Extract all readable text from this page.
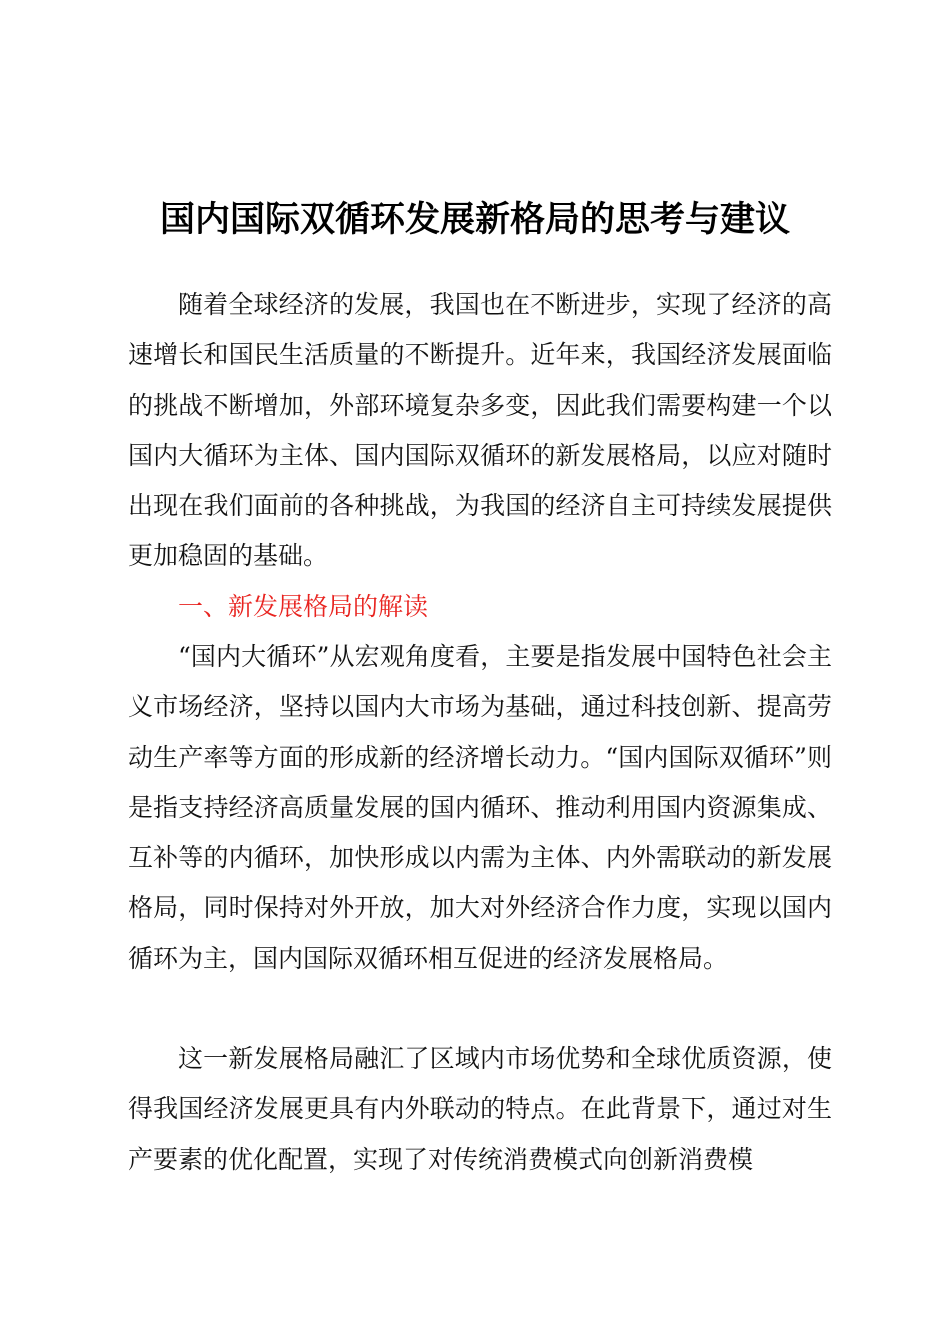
国内国际双循环发展新格局的思考与建议

随着全球经济的发展，我国也在不断进步，实现了经济的高速增长和国民生活质量的不断提升。近年来，我国经济发展面临的挑战不断增加，外部环境复杂多变，因此我们需要构建一个以国内大循环为主体、国内国际双循环的新发展格局，以应对随时出现在我们面前的各种挑战，为我国的经济自主可持续发展提供更加稳固的基础。

一、新发展格局的解读

“国内大循环”从宏观角度看，主要是指发展中国特色社会主义市场经济，坚持以国内大市场为基础，通过科技创新、提高劳动生产率等方面的形成新的经济增长动力。“国内国际双循环”则是指支持经济高质量发展的国内循环、推动利用国内资源集成、互补等的内循环，加快形成以内需为主体、内外需联动的新发展格局，同时保持对外开放，加大对外经济合作力度，实现以国内循环为主，国内国际双循环相互促进的经济发展格局。

这一新发展格局融汇了区域内市场优势和全球优质资源，使得我国经济发展更具有内外联动的特点。在此背景下，通过对生产要素的优化配置，实现了对传统消费模式向创新消费模
